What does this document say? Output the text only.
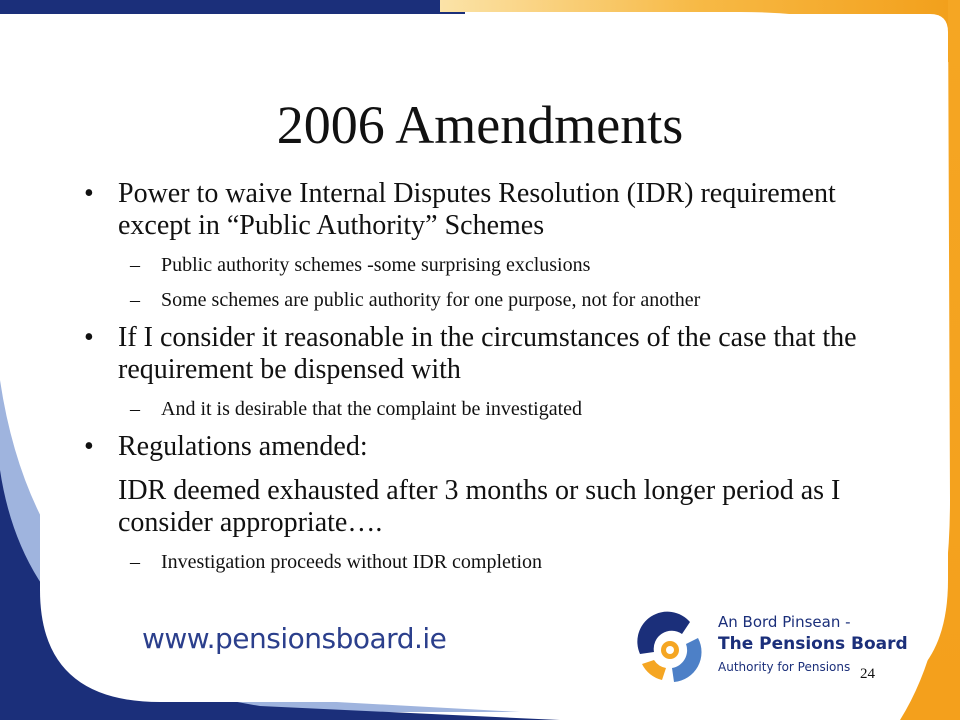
2006 Amendments
• Power to waive Internal Disputes Resolution (IDR) requirement except in “Public Authority” Schemes
– Public authority schemes -some surprising exclusions
– Some schemes are public authority for one purpose, not for another
• If I consider it reasonable in the circumstances of the case that the requirement be dispensed with
– And it is desirable that the complaint be investigated
• Regulations amended:
IDR deemed exhausted after 3 months or such longer period as I consider appropriate….
– Investigation proceeds without IDR completion
www.pensionsboard.ie	An Bord Pinsean -
The Pensions Board
Authority for Pensions 24
